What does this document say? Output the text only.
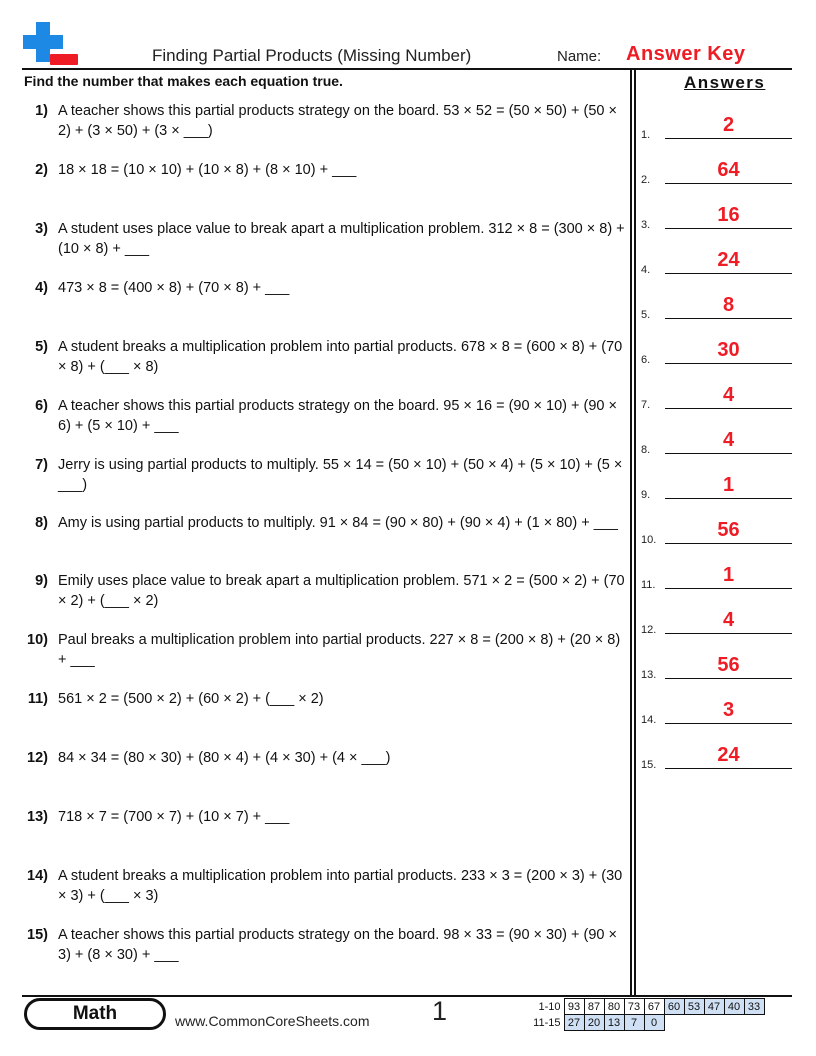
Finding Partial Products (Missing Number)	Name: Answer Key
Find the number that makes each equation true.	Answers
1) A teacher shows this partial products strategy on the board. 53 × 52 = (50 × 50) + (50 × 2) + (3 × 50) + (3 × ___)
2) 18 × 18 = (10 × 10) + (10 × 8) + (8 × 10) + ___
3) A student uses place value to break apart a multiplication problem. 312 × 8 = (300 × 8) + (10 × 8) + ___
4) 473 × 8 = (400 × 8) + (70 × 8) + ___
5) A student breaks a multiplication problem into partial products. 678 × 8 = (600 × 8) + (70 × 8) + (___ × 8)
6) A teacher shows this partial products strategy on the board. 95 × 16 = (90 × 10) + (90 × 6) + (5 × 10) + ___
7) Jerry is using partial products to multiply. 55 × 14 = (50 × 10) + (50 × 4) + (5 × 10) + (5 × ___)
8) Amy is using partial products to multiply. 91 × 84 = (90 × 80) + (90 × 4) + (1 × 80) + ___
9) Emily uses place value to break apart a multiplication problem. 571 × 2 = (500 × 2) + (70 × 2) + (___ × 2)
10) Paul breaks a multiplication problem into partial products. 227 × 8 = (200 × 8) + (20 × 8) + ___
11) 561 × 2 = (500 × 2) + (60 × 2) + (___ × 2)
12) 84 × 34 = (80 × 30) + (80 × 4) + (4 × 30) + (4 × ___)
13) 718 × 7 = (700 × 7) + (10 × 7) + ___
14) A student breaks a multiplication problem into partial products. 233 × 3 = (200 × 3) + (30 × 3) + (___ × 3)
15) A teacher shows this partial products strategy on the board. 98 × 33 = (90 × 30) + (90 × 3) + (8 × 30) + ___
1.	2
2.	64
3.	16
4.	24
5.	8
6.	30
7.	4
8.	4
9.	1
10.	56
11.	1
12.	4
13.	56
14.	3
15.	24
Math	www.CommonCoreSheets.com 1	1-10	93	87	80	73	67	60	53	47	40	33
11-15	27	20	13	7	0					
